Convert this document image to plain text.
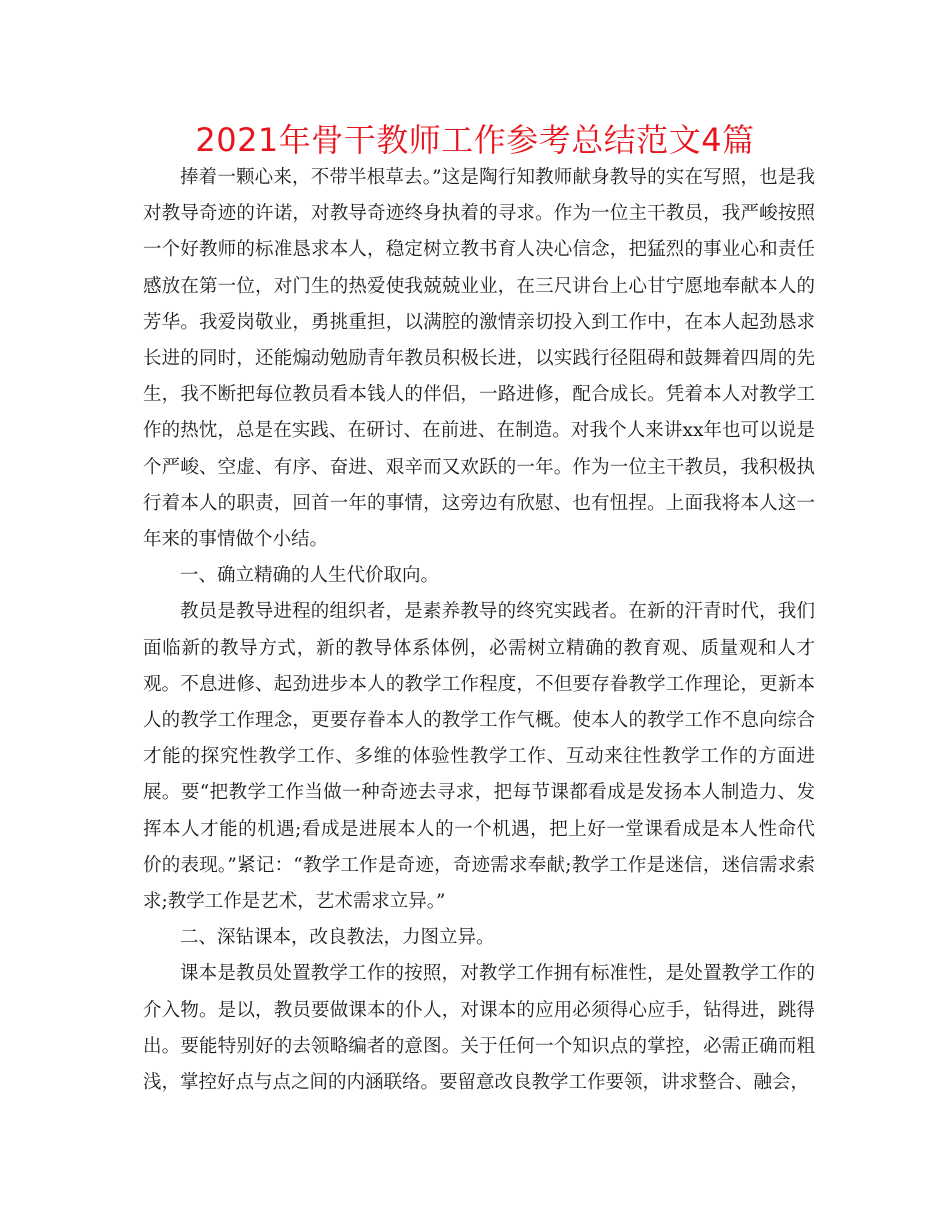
2021年骨干教师工作参考总结范文4篇

捧着一颗心来，不带半根草去。”这是陶行知教师献身教导的实在写照，也是我对教导奇迹的许诺，对教导奇迹终身执着的寻求。作为一位主干教员，我严峻按照一个好教师的标准恳求本人，稳定树立教书育人决心信念，把猛烈的事业心和责任感放在第一位，对门生的热爱使我兢兢业业，在三尺讲台上心甘宁愿地奉献本人的芳华。我爱岗敬业，勇挑重担，以满腔的激情亲切投入到工作中，在本人起劲恳求长进的同时，还能煽动勉励青年教员积极长进，以实践行径阻碍和鼓舞着四周的先生，我不断把每位教员看本钱人的伴侣，一路进修，配合成长。凭着本人对教学工作的热忱，总是在实践、在研讨、在前进、在制造。对我个人来讲xx年也可以说是个严峻、空虚、有序、奋进、艰辛而又欢跃的一年。作为一位主干教员，我积极执行着本人的职责，回首一年的事情，这旁边有欣慰、也有忸捏。上面我将本人这一年来的事情做个小结。

一、确立精确的人生代价取向。

教员是教导进程的组织者，是素养教导的终究实践者。在新的汗青时代，我们面临新的教导方式，新的教导体系体例，必需树立精确的教育观、质量观和人才观。不息进修、起劲进步本人的教学工作程度，不但要存眷教学工作理论，更新本人的教学工作理念，更要存眷本人的教学工作气概。使本人的教学工作不息向综合才能的探究性教学工作、多维的体验性教学工作、互动来往性教学工作的方面进展。要“把教学工作当做一种奇迹去寻求，把每节课都看成是发扬本人制造力、发挥本人才能的机遇;看成是进展本人的一个机遇，把上好一堂课看成是本人性命代价的表现。”紧记：“教学工作是奇迹，奇迹需求奉献;教学工作是迷信，迷信需求索求;教学工作是艺术，艺术需求立异。”

二、深钻课本，改良教法，力图立异。

课本是教员处置教学工作的按照，对教学工作拥有标准性，是处置教学工作的介入物。是以，教员要做课本的仆人，对课本的应用必须得心应手，钻得进，跳得出。要能特别好的去领略编者的意图。关于任何一个知识点的掌控，必需正确而粗浅，掌控好点与点之间的内涵联络。要留意改良教学工作要领，讲求整合、融会，
